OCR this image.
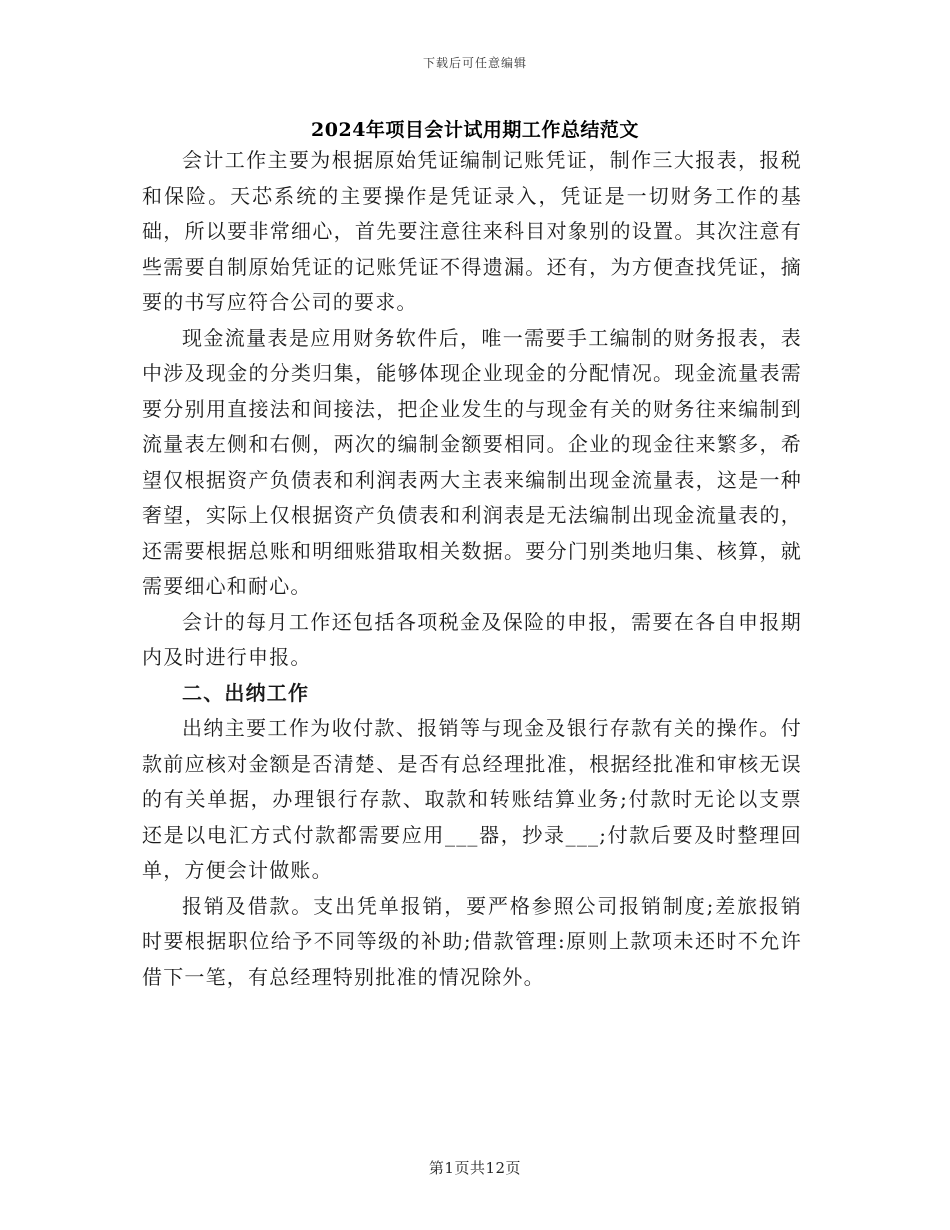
下载后可任意编辑
2024年项目会计试用期工作总结范文

会计工作主要为根据原始凭证编制记账凭证，制作三大报表，报税和保险。天芯系统的主要操作是凭证录入，凭证是一切财务工作的基础，所以要非常细心，首先要注意往来科目对象别的设置。其次注意有些需要自制原始凭证的记账凭证不得遗漏。还有，为方便查找凭证，摘要的书写应符合公司的要求。

现金流量表是应用财务软件后，唯一需要手工编制的财务报表，表中涉及现金的分类归集，能够体现企业现金的分配情况。现金流量表需要分别用直接法和间接法，把企业发生的与现金有关的财务往来编制到流量表左侧和右侧，两次的编制金额要相同。企业的现金往来繁多，希望仅根据资产负债表和利润表两大主表来编制出现金流量表，这是一种奢望，实际上仅根据资产负债表和利润表是无法编制出现金流量表的，还需要根据总账和明细账猎取相关数据。要分门别类地归集、核算，就需要细心和耐心。

会计的每月工作还包括各项税金及保险的申报，需要在各自申报期内及时进行申报。

二、出纳工作

出纳主要工作为收付款、报销等与现金及银行存款有关的操作。付款前应核对金额是否清楚、是否有总经理批准，根据经批准和审核无误的有关单据，办理银行存款、取款和转账结算业务;付款时无论以支票还是以电汇方式付款都需要应用___器，抄录___;付款后要及时整理回单，方便会计做账。

报销及借款。支出凭单报销，要严格参照公司报销制度;差旅报销时要根据职位给予不同等级的补助;借款管理:原则上款项未还时不允许借下一笔，有总经理特别批准的情况除外。

第1页共12页
